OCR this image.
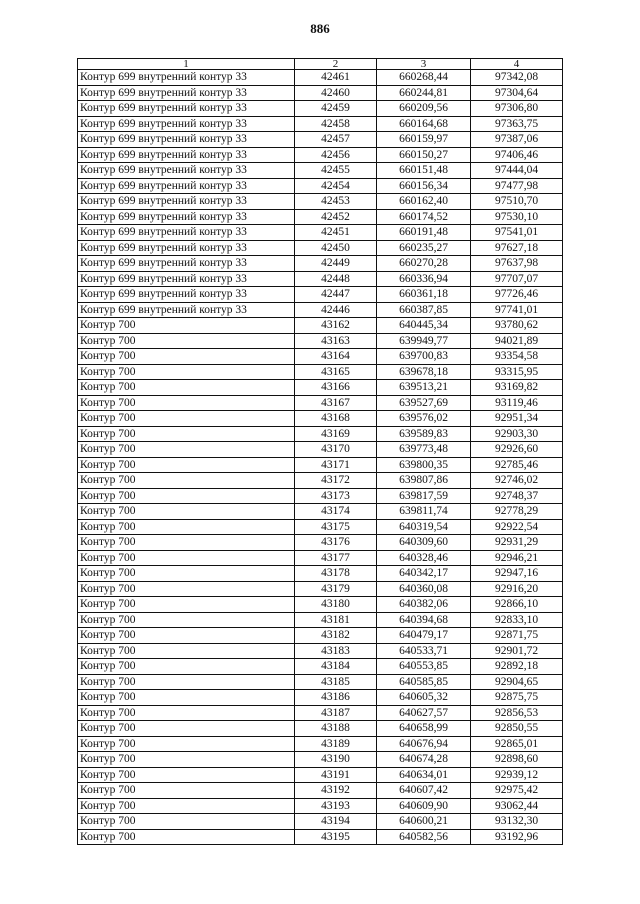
886
1	2	3	4
Контур 699 внутренний контур 33	42461	660268,44	97342,08
Контур 699 внутренний контур 33	42460	660244,81	97304,64
Контур 699 внутренний контур 33	42459	660209,56	97306,80
Контур 699 внутренний контур 33	42458	660164,68	97363,75
Контур 699 внутренний контур 33	42457	660159,97	97387,06
Контур 699 внутренний контур 33	42456	660150,27	97406,46
Контур 699 внутренний контур 33	42455	660151,48	97444,04
Контур 699 внутренний контур 33	42454	660156,34	97477,98
Контур 699 внутренний контур 33	42453	660162,40	97510,70
Контур 699 внутренний контур 33	42452	660174,52	97530,10
Контур 699 внутренний контур 33	42451	660191,48	97541,01
Контур 699 внутренний контур 33	42450	660235,27	97627,18
Контур 699 внутренний контур 33	42449	660270,28	97637,98
Контур 699 внутренний контур 33	42448	660336,94	97707,07
Контур 699 внутренний контур 33	42447	660361,18	97726,46
Контур 699 внутренний контур 33	42446	660387,85	97741,01
Контур 700	43162	640445,34	93780,62
Контур 700	43163	639949,77	94021,89
Контур 700	43164	639700,83	93354,58
Контур 700	43165	639678,18	93315,95
Контур 700	43166	639513,21	93169,82
Контур 700	43167	639527,69	93119,46
Контур 700	43168	639576,02	92951,34
Контур 700	43169	639589,83	92903,30
Контур 700	43170	639773,48	92926,60
Контур 700	43171	639800,35	92785,46
Контур 700	43172	639807,86	92746,02
Контур 700	43173	639817,59	92748,37
Контур 700	43174	639811,74	92778,29
Контур 700	43175	640319,54	92922,54
Контур 700	43176	640309,60	92931,29
Контур 700	43177	640328,46	92946,21
Контур 700	43178	640342,17	92947,16
Контур 700	43179	640360,08	92916,20
Контур 700	43180	640382,06	92866,10
Контур 700	43181	640394,68	92833,10
Контур 700	43182	640479,17	92871,75
Контур 700	43183	640533,71	92901,72
Контур 700	43184	640553,85	92892,18
Контур 700	43185	640585,85	92904,65
Контур 700	43186	640605,32	92875,75
Контур 700	43187	640627,57	92856,53
Контур 700	43188	640658,99	92850,55
Контур 700	43189	640676,94	92865,01
Контур 700	43190	640674,28	92898,60
Контур 700	43191	640634,01	92939,12
Контур 700	43192	640607,42	92975,42
Контур 700	43193	640609,90	93062,44
Контур 700	43194	640600,21	93132,30
Контур 700	43195	640582,56	93192,96
